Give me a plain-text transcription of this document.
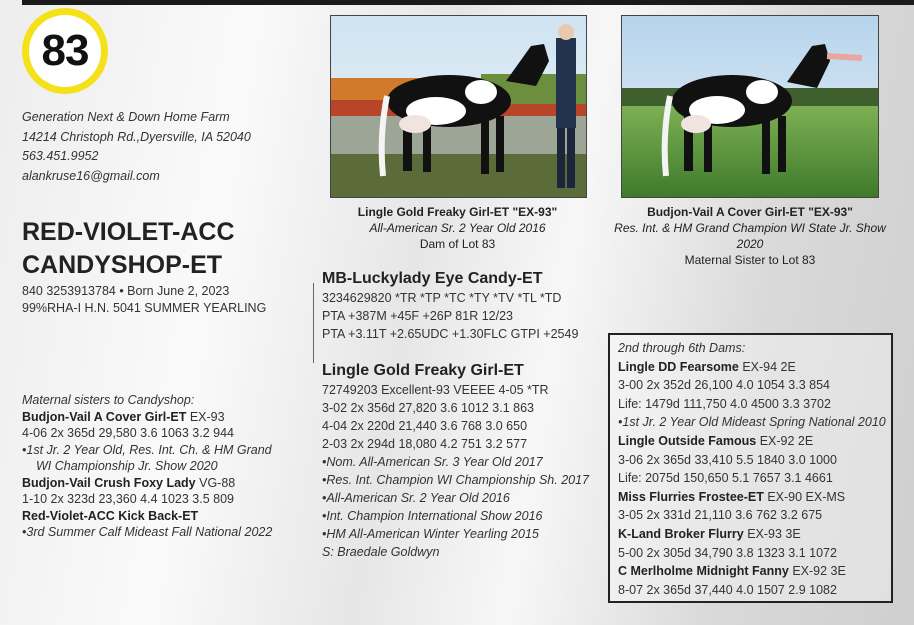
83
Generation Next & Down Home Farm
14214 Christoph Rd.,Dyersville, IA 52040
563.451.9952
alankruse16@gmail.com
RED-VIOLET-ACC
CANDYSHOP-ET
840 3253913784 • Born June 2, 2023
99%RHA-I H.N. 5041 SUMMER YEARLING
Maternal sisters to Candyshop:
Budjon-Vail A Cover Girl-ET EX-93
4-06 2x 365d 29,580 3.6 1063 3.2 944
•1st Jr. 2 Year Old, Res. Int. Ch. & HM Grand
WI Championship Jr. Show 2020
Budjon-Vail Crush Foxy Lady VG-88
1-10 2x 323d 23,360 4.4 1023 3.5 809
Red-Violet-ACC Kick Back-ET
•3rd Summer Calf Mideast Fall National 2022
Lingle Gold Freaky Girl-ET "EX-93"
All-American Sr. 2 Year Old 2016
Dam of Lot 83
Budjon-Vail A Cover Girl-ET "EX-93"
Res. Int. & HM Grand Champion WI State Jr. Show 2020
Maternal Sister to Lot 83
MB-Luckylady Eye Candy-ET
3234629820 *TR *TP *TC *TY *TV *TL *TD
PTA +387M +45F +26P 81R 12/23
PTA +3.11T +2.65UDC +1.30FLC GTPI +2549
Lingle Gold Freaky Girl-ET
72749203 Excellent-93 VEEEE 4-05 *TR
3-02 2x 356d 27,820 3.6 1012 3.1 863
4-04 2x 220d 21,440 3.6 768 3.0 650
2-03 2x 294d 18,080 4.2 751 3.2 577
•Nom. All-American Sr. 3 Year Old 2017
•Res. Int. Champion WI Championship Sh. 2017
•All-American Sr. 2 Year Old 2016
•Int. Champion International Show 2016
•HM All-American Winter Yearling 2015
S: Braedale Goldwyn
2nd through 6th Dams:
Lingle DD Fearsome EX-94 2E
3-00 2x 352d 26,100 4.0 1054 3.3 854
Life: 1479d 111,750 4.0 4500 3.3 3702
•1st Jr. 2 Year Old Mideast Spring National 2010
Lingle Outside Famous EX-92 2E
3-06 2x 365d 33,410 5.5 1840 3.0 1000
Life: 2075d 150,650 5.1 7657 3.1 4661
Miss Flurries Frostee-ET EX-90 EX-MS
3-05 2x 331d 21,110 3.6 762 3.2 675
K-Land Broker Flurry EX-93 3E
5-00 2x 305d 34,790 3.8 1323 3.1 1072
C Merlholme Midnight Fanny EX-92 3E
8-07 2x 365d 37,440 4.0 1507 2.9 1082
